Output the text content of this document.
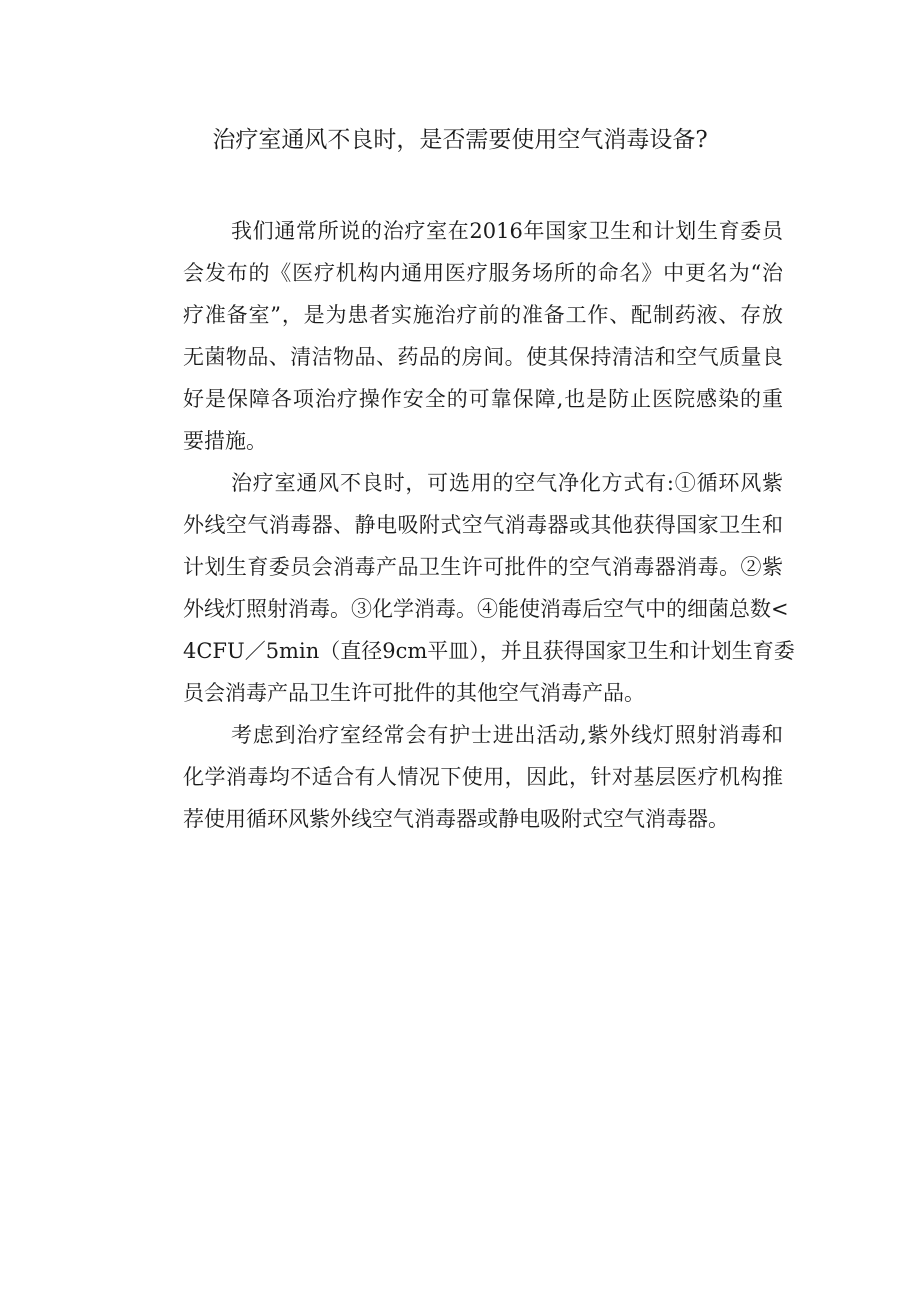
治疗室通风不良时，是否需要使用空气消毒设备?
我们通常所说的治疗室在2016年国家卫生和计划生育委员
会发布的《医疗机构内通用医疗服务场所的命名》中更名为“治
疗准备室”，是为患者实施治疗前的准备工作、配制药液、存放
无菌物品、清洁物品、药品的房间。使其保持清洁和空气质量良
好是保障各项治疗操作安全的可靠保障,也是防止医院感染的重
要措施。
治疗室通风不良时，可选用的空气净化方式有:①循环风紫
外线空气消毒器、静电吸附式空气消毒器或其他获得国家卫生和
计划生育委员会消毒产品卫生许可批件的空气消毒器消毒。②紫
外线灯照射消毒。③化学消毒。④能使消毒后空气中的细菌总数<
4CFU／5min（直径9cm平皿），并且获得国家卫生和计划生育委
员会消毒产品卫生许可批件的其他空气消毒产品。
考虑到治疗室经常会有护士进出活动,紫外线灯照射消毒和
化学消毒均不适合有人情况下使用，因此，针对基层医疗机构推
荐使用循环风紫外线空气消毒器或静电吸附式空气消毒器。
